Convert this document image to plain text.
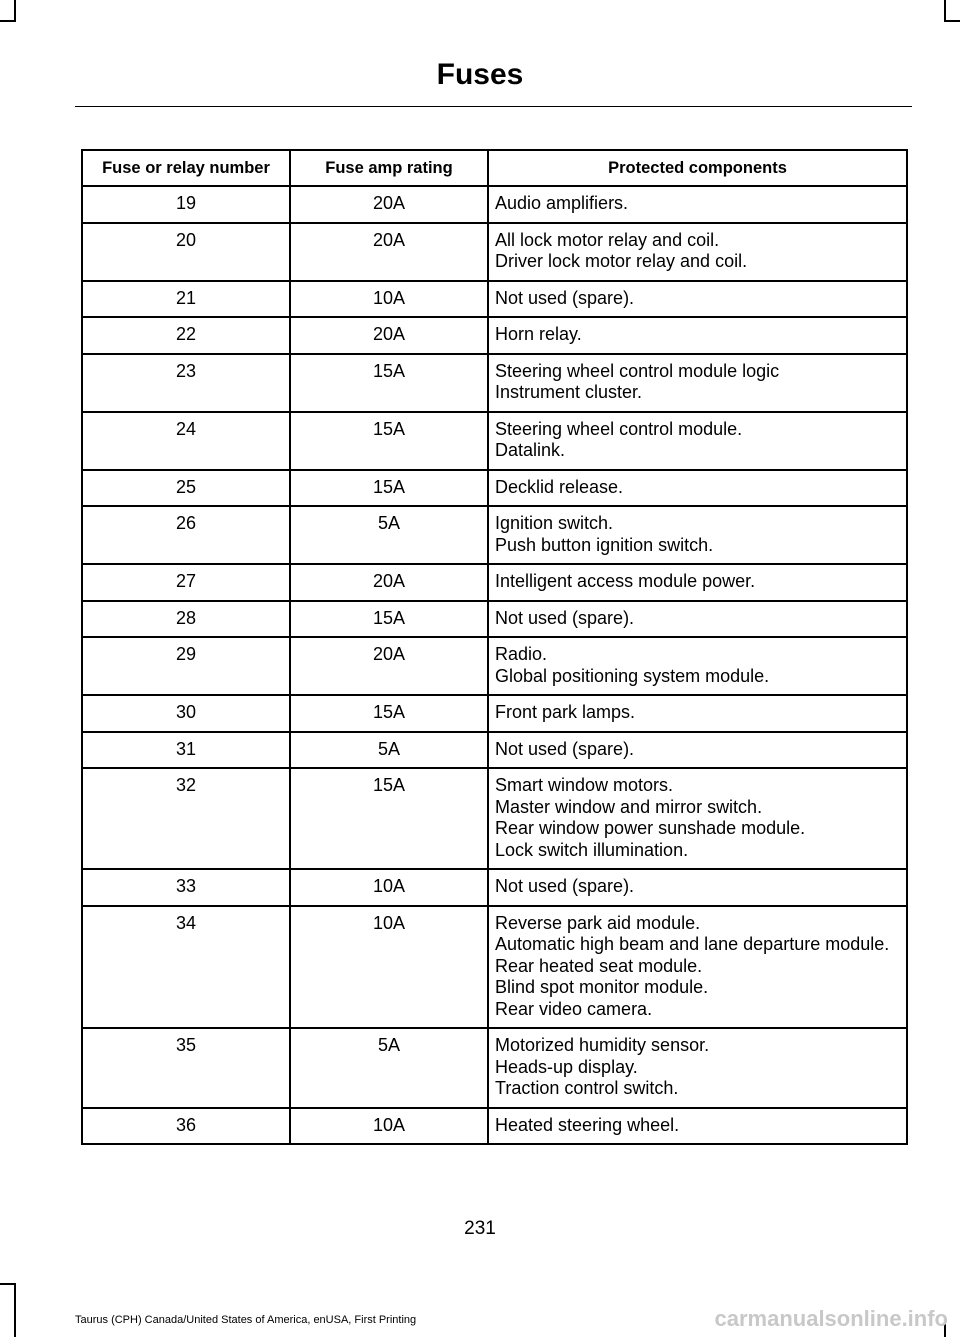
Fuses
Fuse or relay number	Fuse amp rating	Protected components
19	20A	Audio amplifiers.

20	20A	All lock motor relay and coil.
Driver lock motor relay and coil.

21	10A	Not used (spare).

22	20A	Horn relay.

23	15A	Steering wheel control module logic
Instrument cluster.

24	15A	Steering wheel control module.
Datalink.

25	15A	Decklid release.

26	5A	Ignition switch.
Push button ignition switch.

27	20A	Intelligent access module power.

28	15A	Not used (spare).

29	20A	Radio.
Global positioning system module.

30	15A	Front park lamps.

31	5A	Not used (spare).

32	15A	Smart window motors.
Master window and mirror switch.
Rear window power sunshade module.
Lock switch illumination.

33	10A	Not used (spare).

34	10A	Reverse park aid module.
Automatic high beam and lane departure module.
Rear heated seat module.
Blind spot monitor module.
Rear video camera.

35	5A	Motorized humidity sensor.
Heads-up display.
Traction control switch.

36	10A	Heated steering wheel.
231
Taurus (CPH) Canada/United States of America, enUSA, First Printing	carmanualsonline.info
